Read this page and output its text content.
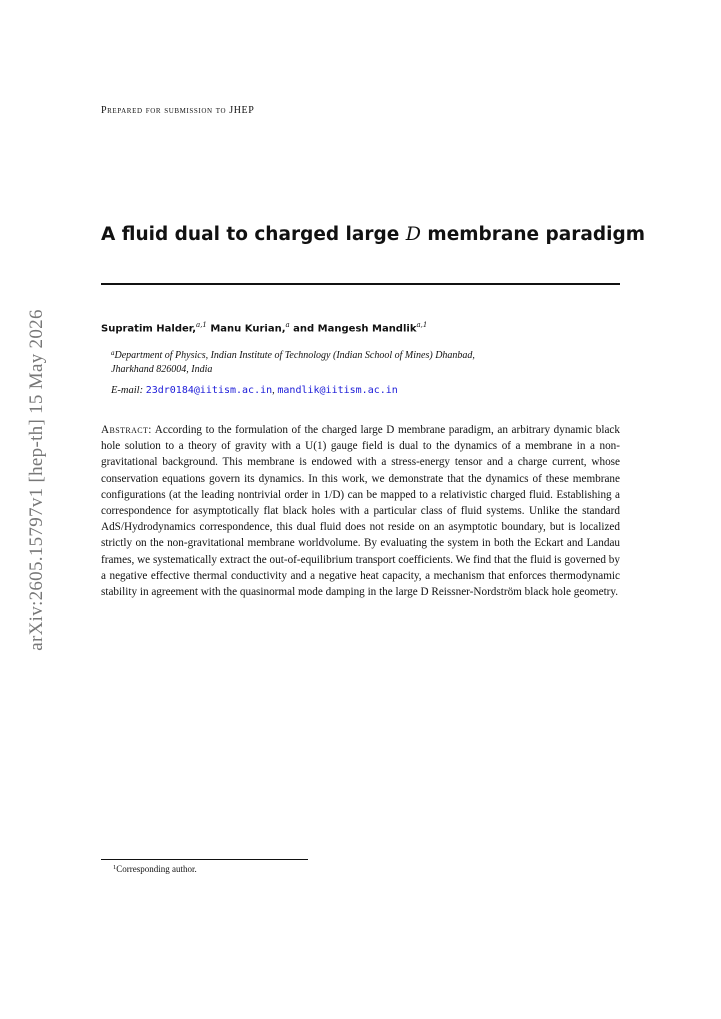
arXiv:2605.15797v1 [hep-th] 15 May 2026
Prepared for submission to JHEP
A fluid dual to charged large D membrane paradigm
Supratim Halder,$^{a,1}$ Manu Kurian,$^a$ and Mangesh Mandlik$^{a,1}$
$^a$Department of Physics, Indian Institute of Technology (Indian School of Mines) Dhanbad,
Jharkhand 826004, India
E-mail: 23dr0184@iitism.ac.in, mandlik@iitism.ac.in
Abstract: According to the formulation of the charged large D membrane paradigm, an arbitrary dynamic black hole solution to a theory of gravity with a U(1) gauge field is dual to the dynamics of a membrane in a non-gravitational background. This membrane is endowed with a stress-energy tensor and a charge current, whose conservation equations govern its dynamics. In this work, we demonstrate that the dynamics of these membrane configurations (at the leading nontrivial order in 1/D) can be mapped to a relativistic charged fluid. Establishing a correspondence for asymptotically flat black holes with a particular class of fluid systems. Unlike the standard AdS/Hydrodynamics correspondence, this dual fluid does not reside on an asymptotic boundary, but is localized strictly on the non-gravitational membrane worldvolume. By evaluating the system in both the Eckart and Landau frames, we systematically extract the out-of-equilibrium transport coefficients. We find that the fluid is governed by a negative effective thermal conductivity and a negative heat capacity, a mechanism that enforces thermodynamic stability in agreement with the quasinormal mode damping in the large D Reissner-Nordström black hole geometry.
$^1$Corresponding author.
